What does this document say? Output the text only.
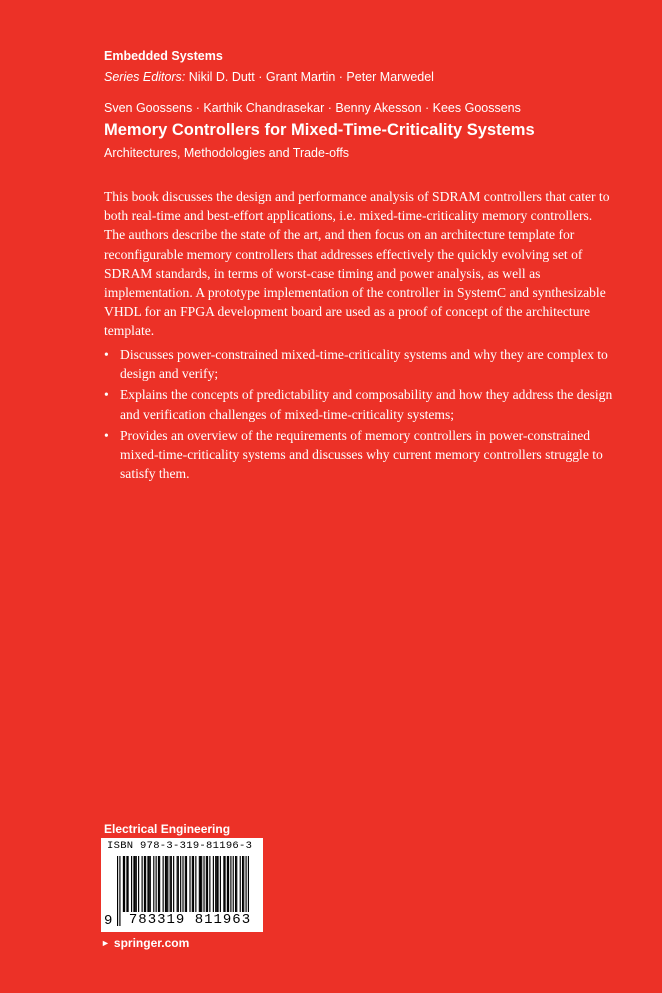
Embedded Systems
Series Editors: Nikil D. Dutt · Grant Martin · Peter Marwedel
Sven Goossens · Karthik Chandrasekar · Benny Akesson · Kees Goossens
Memory Controllers for Mixed-Time-Criticality Systems
Architectures, Methodologies and Trade-offs

This book discusses the design and performance analysis of SDRAM controllers that cater to both real-time and best-effort applications, i.e. mixed-time-criticality memory controllers. The authors describe the state of the art, and then focus on an architecture template for reconfigurable memory controllers that addresses effectively the quickly evolving set of SDRAM standards, in terms of worst-case timing and power analysis, as well as implementation. A prototype implementation of the controller in SystemC and synthesizable VHDL for an FPGA development board are used as a proof of concept of the architecture template.

• Discusses power-constrained mixed-time-criticality systems and why they are complex to design and verify;
• Explains the concepts of predictability and composability and how they address the design and verification challenges of mixed-time-criticality systems;
• Provides an overview of the requirements of memory controllers in power-constrained mixed-time-criticality systems and discusses why current memory controllers struggle to satisfy them.
Electrical Engineering
ISBN 978-3-319-81196-3
9	783319 811963
► springer.com
